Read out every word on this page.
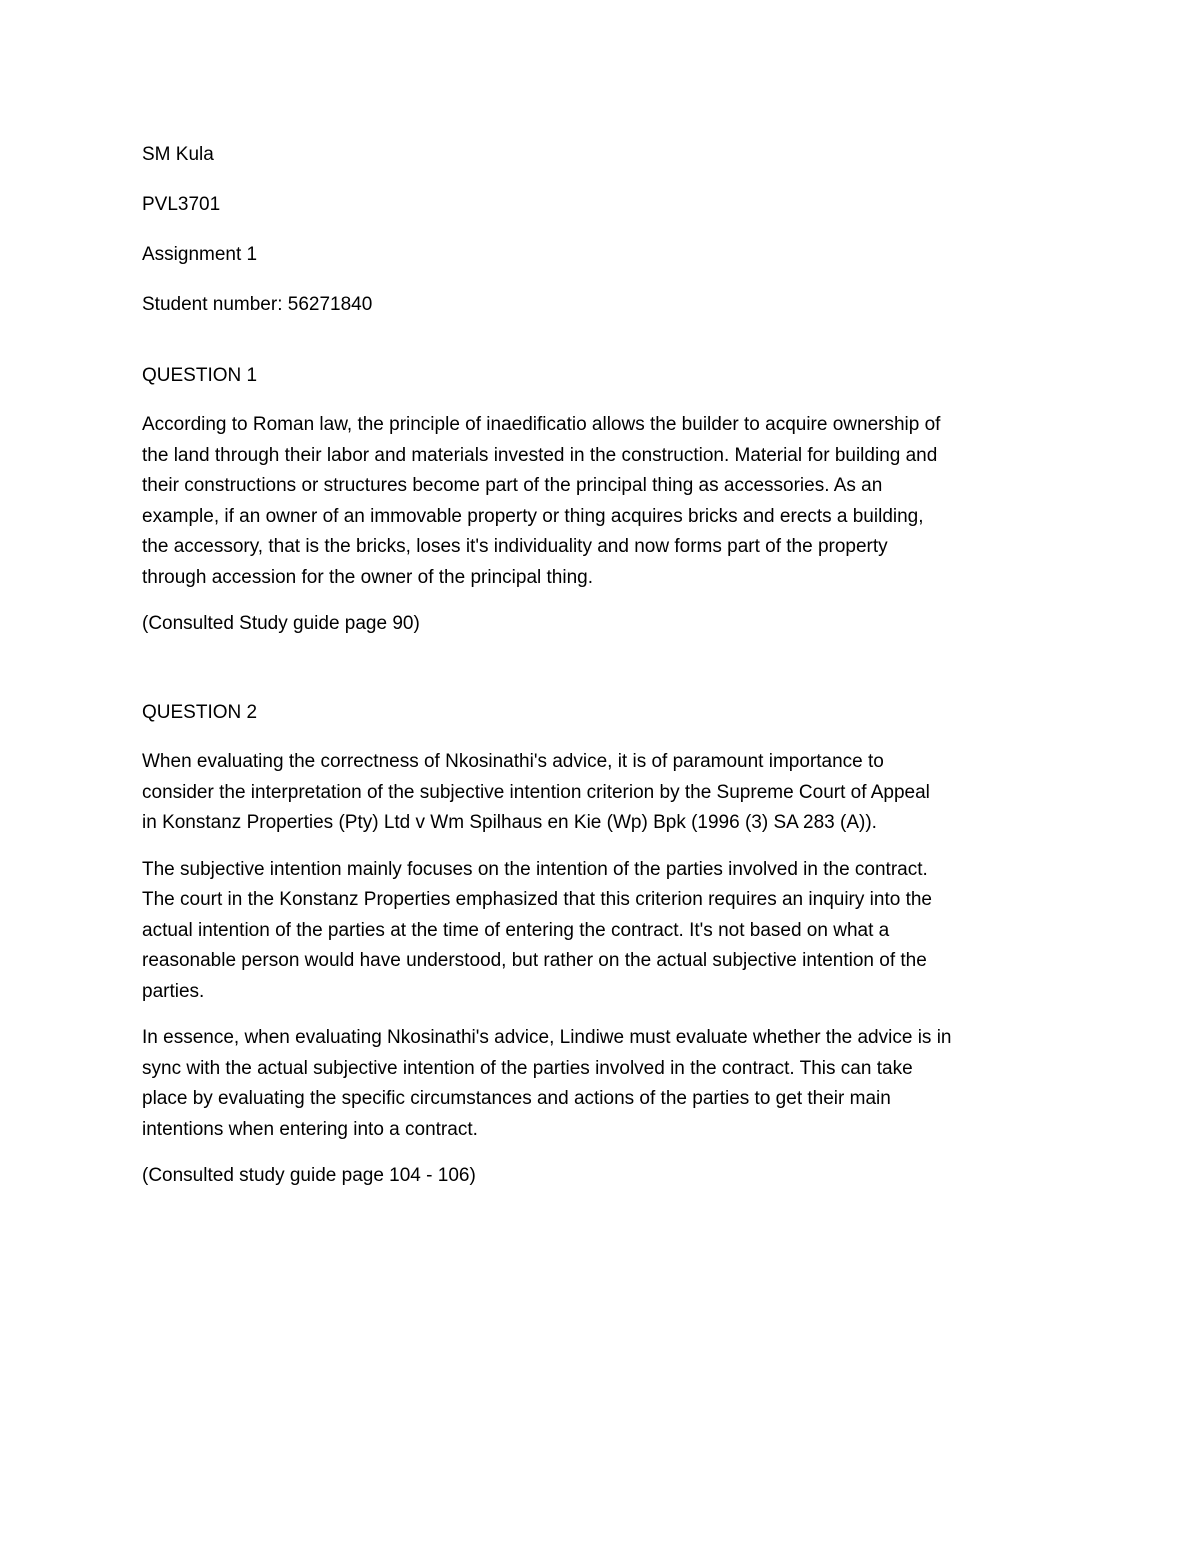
SM Kula

PVL3701

Assignment 1

Student number: 56271840

QUESTION 1

According to Roman law, the principle of inaedificatio allows the builder to acquire ownership of

the land through their labor and materials invested in the construction. Material for building and

their constructions or structures become part of the principal thing as accessories. As an

example, if an owner of an immovable property or thing acquires bricks and erects a building,

the accessory, that is the bricks, loses it's individuality and now forms part of the property

through accession for the owner of the principal thing.

(Consulted Study guide page 90)

QUESTION 2

When evaluating the correctness of Nkosinathi's advice, it is of paramount importance to

consider the interpretation of the subjective intention criterion by the Supreme Court of Appeal

in Konstanz Properties (Pty) Ltd v Wm Spilhaus en Kie (Wp) Bpk (1996 (3) SA 283 (A)).

The subjective intention mainly focuses on the intention of the parties involved in the contract.

The court in the Konstanz Properties emphasized that this criterion requires an inquiry into the

actual intention of the parties at the time of entering the contract. It's not based on what a

reasonable person would have understood, but rather on the actual subjective intention of the

parties.

In essence, when evaluating Nkosinathi's advice, Lindiwe must evaluate whether the advice is in

sync with the actual subjective intention of the parties involved in the contract. This can take

place by evaluating the specific circumstances and actions of the parties to get their main

intentions when entering into a contract.

(Consulted study guide page 104 - 106)
